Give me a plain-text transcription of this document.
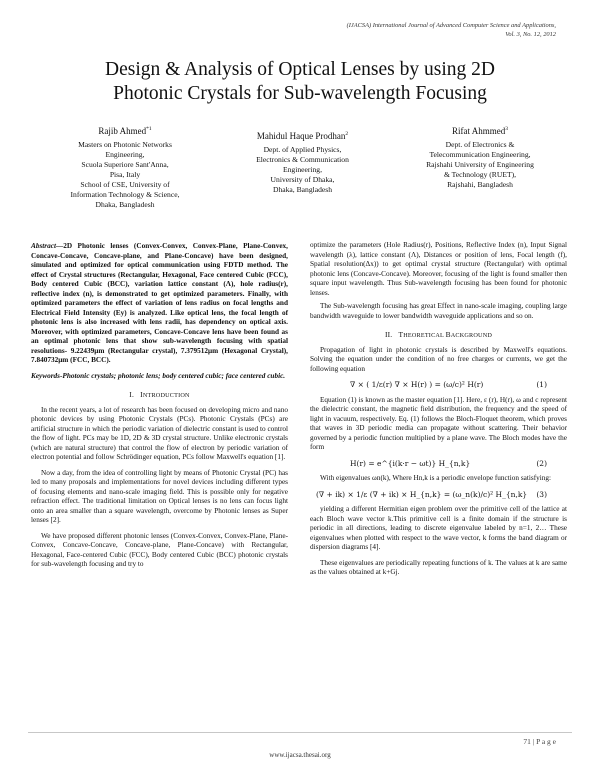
(IJACSA) International Journal of Advanced Computer Science and Applications,
Vol. 3, No. 12, 2012
Design & Analysis of Optical Lenses by using 2D
Photonic Crystals for Sub-wavelength Focusing
Rajib Ahmed$^{*1}$
Masters on Photonic Networks
Engineering,
Scuola Superiore Sant'Anna,
Pisa, Italy
School of CSE, University of
Information Technology & Science,
Dhaka, Bangladesh
Mahidul Haque Prodhan$^2$
Dept. of Applied Physics,
Electronics & Communication
Engineering,
University of Dhaka,
Dhaka, Bangladesh
Rifat Ahmmed$^3$
Dept. of Electronics &
Telecommunication Engineering,
Rajshahi University of Engineering
& Technology (RUET),
Rajshahi, Bangladesh

Abstract—2D Photonic lenses (Convex-Convex, Convex-Plane, Plane-Convex, Concave-Concave, Concave-plane, and Plane-Concave) have been designed, simulated and optimized for optical communication using FDTD method. The effect of Crystal structures (Rectangular, Hexagonal, Face centered Cubic (FCC), Body centered Cubic (BCC), variation lattice constant (Λ), hole radius(r), reflective index (n), is demonstrated to get optimized parameters. Finally, with optimized parameters the effect of variation of lens radius on focal lengths and Electrical Field Intensity (Ey) is analyzed. Like optical lens, the focal length of photonic lens is also increased with lens radii, has dependency on optical axis. Moreover, with optimized parameters, Concave-Concave lens have been found as an optimal photonic lens that show sub-wavelength focusing with spatial resolutions- 9.22439μm (Rectangular crystal), 7.379512μm (Hexagonal Crystal), 7.840732μm (FCC, BCC).

Keywords-Photonic crystals; photonic lens; body centered cubic; face centered cubic.

I. INTRODUCTION

In the recent years, a lot of research has been focused on developing micro and nano photonic devices by using Photonic Crystals (PCs). Photonic Crystals (PCs) are artificial structure in which the periodic variation of dielectric constant is used to control the flow of light. PCs may be 1D, 2D & 3D crystal structure. Unlike electronic crystals (which are natural structure) that control the flow of electron by periodic variation of electron potential and follow Schrödinger equation, PCs follow Maxwell's equation [1].

Now a day, from the idea of controlling light by means of Photonic Crystal (PC) has led to many proposals and implementations for novel devices including different types of focusing elements and nano-scale imaging field. This is possible only for negative refraction effect. The traditional limitation on Optical lenses is no lens can focus light onto an area smaller than a square wavelength, overcome by Photonic lenses as Super lenses [2].

We have proposed different photonic lenses (Convex-Convex, Convex-Plane, Plane-Convex, Concave-Concave, Concave-plane, Plane-Concave) with Rectangular, Hexagonal, Face-centered Cubic (FCC), Body centered Cubic (BCC) photonic crystals for sub-wavelength focusing and try to

optimize the parameters (Hole Radius(r), Positions, Reflective Index (n), Input Signal wavelength (λ), lattice constant (Λ), Distances or position of lens, Focal length (f), Spatial resolution(Δx)) to get optimal crystal structure (Rectangular) with optimal photonic lens (Concave-Concave). Moreover, focusing of the light is found smaller then square input wavelength. Thus Sub-wavelength focusing has been found for photonic lenses.

The Sub-wavelength focusing has great Effect in nano-scale imaging, coupling large bandwidth waveguide to lower bandwidth waveguide applications and so on.

II. THEORETICAL BACKGROUND

Propagation of light in photonic crystals is described by Maxwell's equations. Solving the equation under the condition of no free charges or currents, we get the following equation

∇ × ( 1/ε(r) ∇ × H(r) ) = (ω/c)² H(r)	(1)

Equation (1) is known as the master equation [1]. Here, ε (r), H(r), ω and c represent the dielectric constant, the magnetic field distribution, the frequency and the speed of light in vacuum, respectively. Eq. (1) follows the Bloch-Floquet theorem, which proves that waves in 3D periodic media can propagate without scattering. Their behavior governed by a periodic function multiplied by a plane wave. The Bloch modes have the form

H(r) = e^{i(k·r − ωt)} H_{n,k}	(2)

With eigenvalues ωn(k), Where Hn,k is a periodic envelope function satisfying:

(∇ + ik) × 1/ε (∇ + ik) × H_{n,k} = (ω_n(k)/c)² H_{n,k} (3)

yielding a different Hermitian eigen problem over the primitive cell of the lattice at each Bloch wave vector k.This primitive cell is a finite domain if the structure is periodic in all directions, leading to discrete eigenvalue labeled by n=1, 2… These eigenvalues when plotted with respect to the wave vector, k forms the band diagram or dispersion diagrams [4].

These eigenvalues are periodically repeating functions of k. The values at k are same as the values obtained at k+Gj.

71 | P a g e
www.ijacsa.thesai.org
